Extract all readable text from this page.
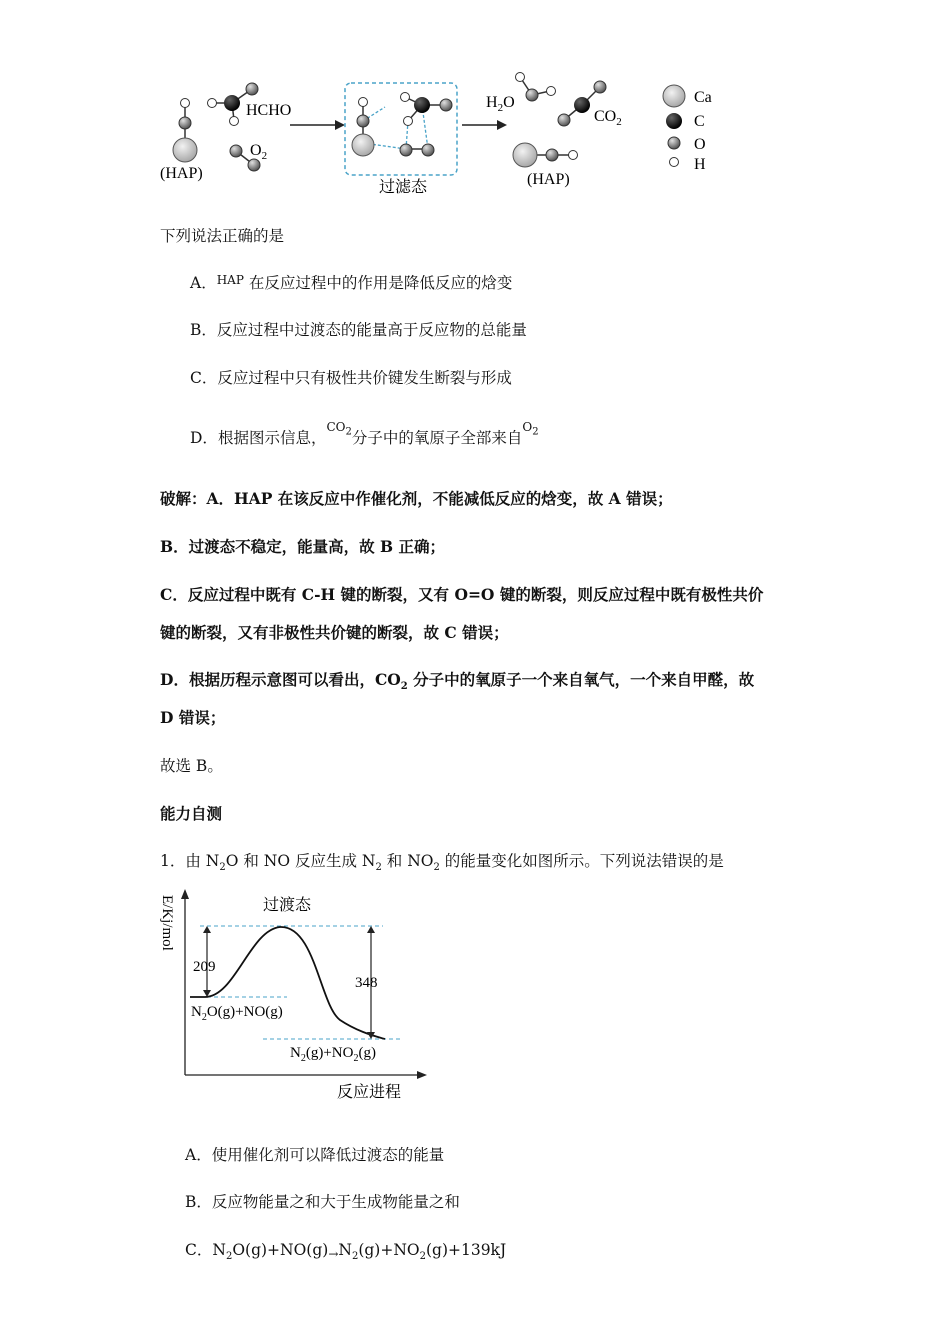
(HAP)
HCHO
$O_2$
过滤态
$H_2O$
$CO_2$
(HAP)
Ca
C
O
H
下列说法正确的是
A．$^{HAP}$ 在反应过程中的作用是降低反应的焓变
B．反应过程中过渡态的能量高于反应物的总能量
C．反应过程中只有极性共价键发生断裂与形成
D．根据图示信息，$^{CO_2}$分子中的氧原子全部来自$^{O_2}$
破解：A．HAP 在该反应中作催化剂，不能减低反应的焓变，故 A 错误；
B．过渡态不稳定，能量高，故 B 正确；
C．反应过程中既有 C-H 键的断裂，又有 O=O 键的断裂，则反应过程中既有极性共价
键的断裂，又有非极性共价键的断裂，故 C 错误；
D．根据历程示意图可以看出，$CO_2$ 分子中的氧原子一个来自氧气，一个来自甲醛，故
D 错误；
故选 B。
能力自测
1．由 $N_2O$ 和 NO 反应生成 $N_2$ 和 $NO_2$ 的能量变化如图所示。下列说法错误的是
E/Kj/mol
反应进程
209
348
过渡态
$N_2O(g)+NO(g)$
$N_2(g)+NO_2(g)$
A．使用催化剂可以降低过渡态的能量
B．反应物能量之和大于生成物能量之和
C．$N_2O(g)+NO(g)\to N_2(g)+NO_2(g)+139kJ$
